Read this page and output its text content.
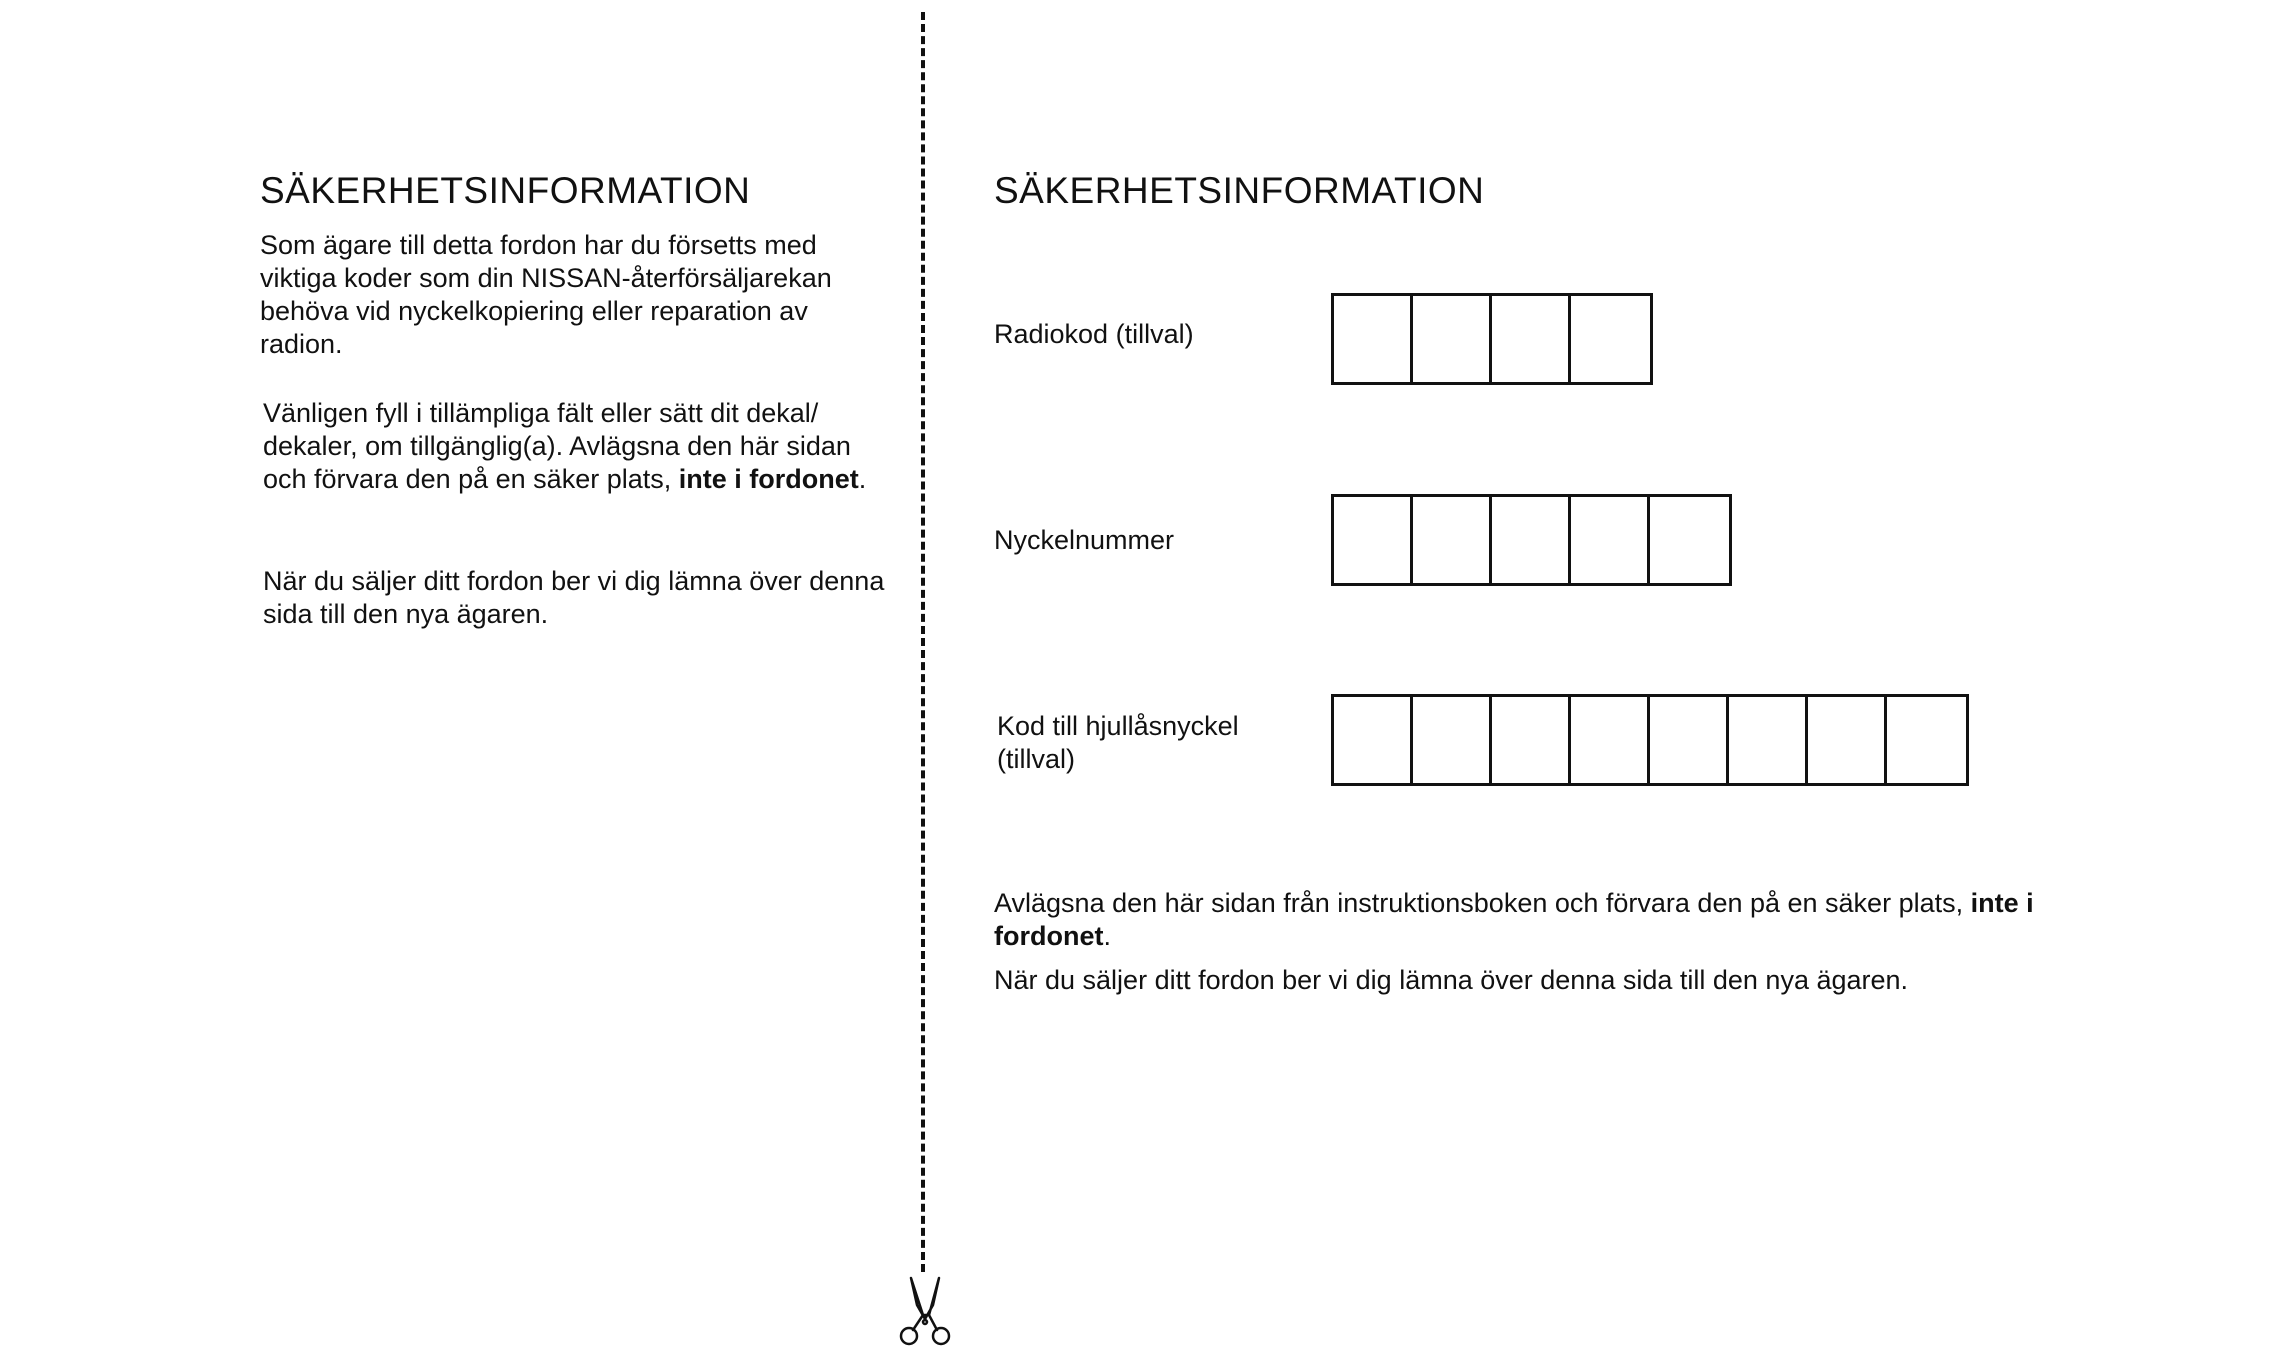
SÄKERHETSINFORMATION

Som ägare till detta fordon har du försetts med viktiga koder som din NISSAN-återförsäljarekan behöva vid nyckelkopiering eller reparation av radion.

Vänligen fyll i tillämpliga fält eller sätt dit dekal/ dekaler, om tillgänglig(a). Avlägsna den här sidan och förvara den på en säker plats, inte i fordonet.

När du säljer ditt fordon ber vi dig lämna över denna sida till den nya ägaren.

SÄKERHETSINFORMATION

Radiokod (tillval)

Nyckelnummer

Kod till hjullåsnyckel (tillval)

Avlägsna den här sidan från instruktionsboken och förvara den på en säker plats, inte i fordonet.

När du säljer ditt fordon ber vi dig lämna över denna sida till den nya ägaren.
